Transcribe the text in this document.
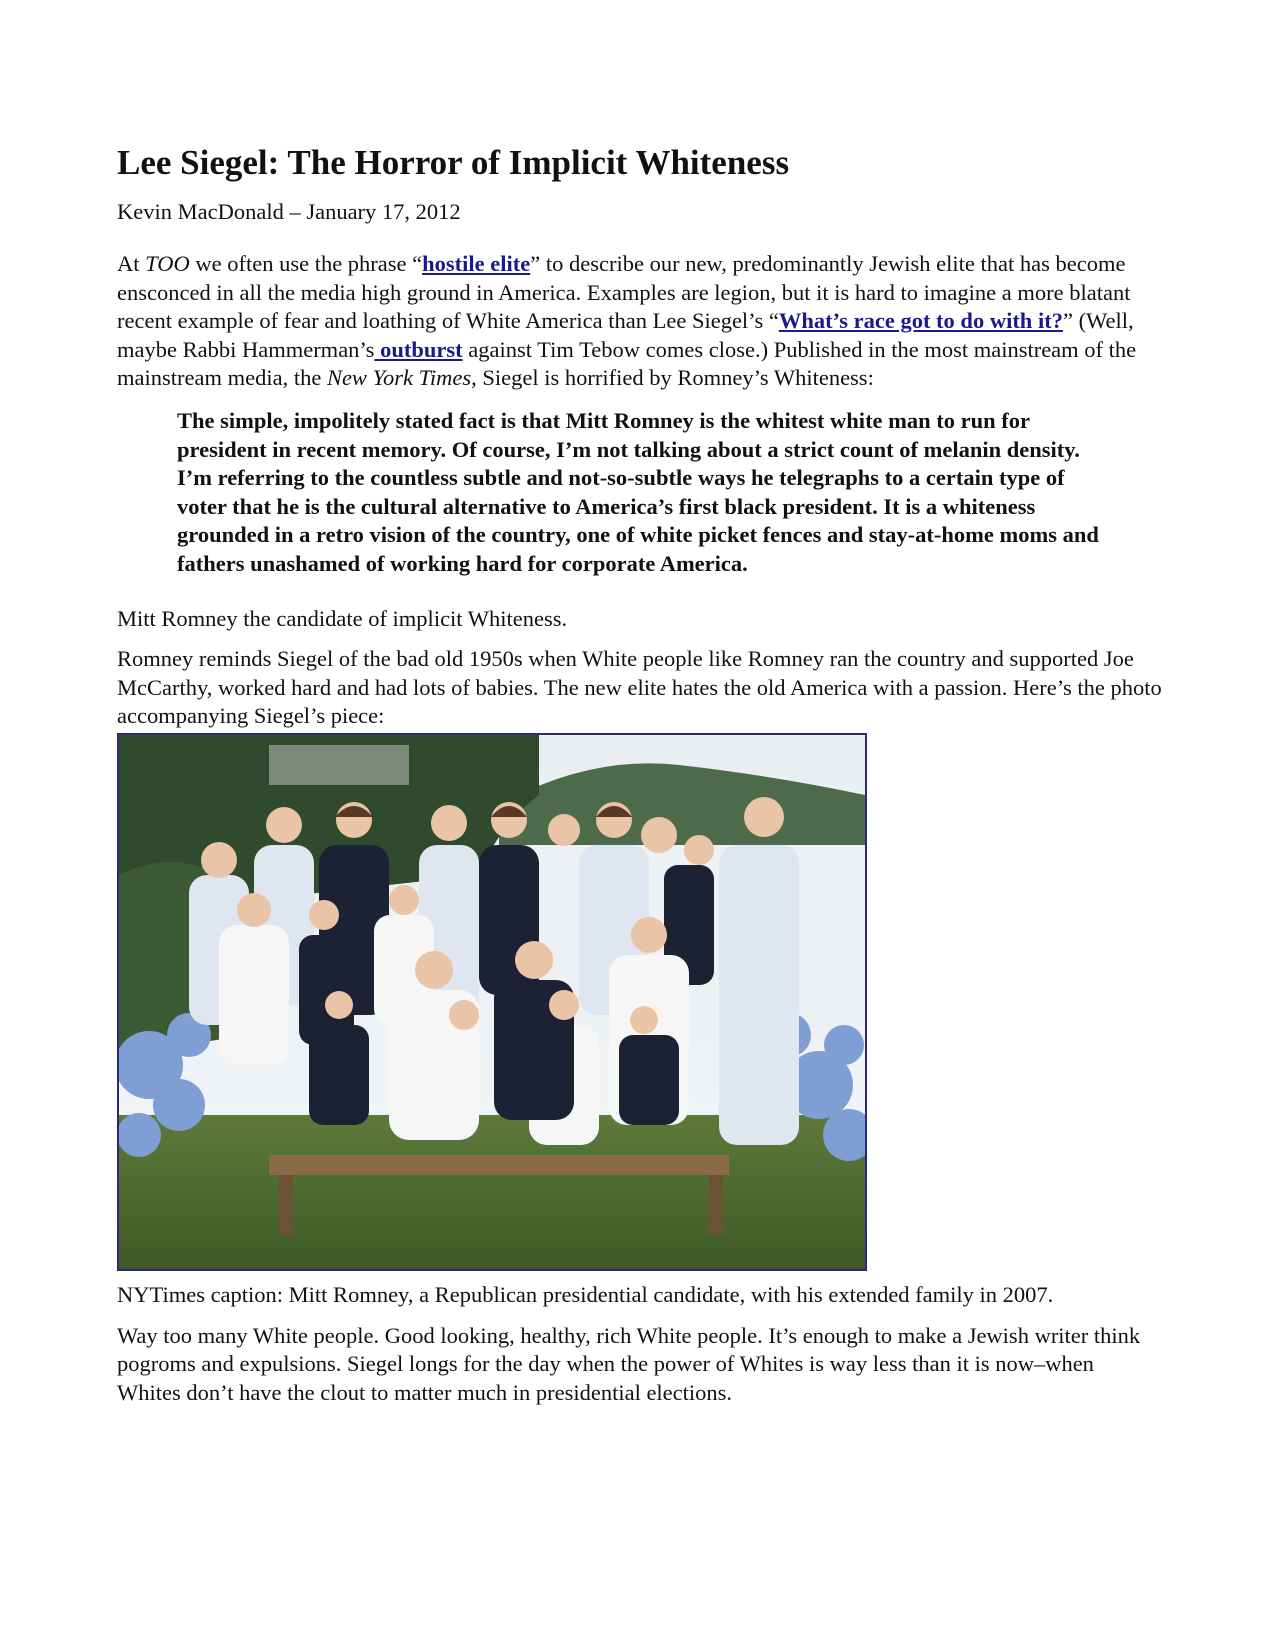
Lee Siegel: The Horror of Implicit Whiteness
Kevin MacDonald – January 17, 2012

At TOO we often use the phrase “hostile elite” to describe our new, predominantly Jewish elite that has become ensconced in all the media high ground in America. Examples are legion, but it is hard to imagine a more blatant recent example of fear and loathing of White America than Lee Siegel’s “What’s race got to do with it?” (Well, maybe Rabbi Hammerman’s outburst against Tim Tebow comes close.) Published in the most mainstream of the mainstream media, the New York Times, Siegel is horrified by Romney’s Whiteness:

The simple, impolitely stated fact is that Mitt Romney is the whitest white man to run for president in recent memory. Of course, I’m not talking about a strict count of melanin density. I’m referring to the countless subtle and not-so-subtle ways he telegraphs to a certain type of voter that he is the cultural alternative to America’s first black president. It is a whiteness grounded in a retro vision of the country, one of white picket fences and stay-at-home moms and fathers unashamed of working hard for corporate America.

Mitt Romney the candidate of implicit Whiteness.

Romney reminds Siegel of the bad old 1950s when White people like Romney ran the country and supported Joe McCarthy, worked hard and had lots of babies. The new elite hates the old America with a passion. Here’s the photo accompanying Siegel’s piece:

NYTimes caption: Mitt Romney, a Republican presidential candidate, with his extended family in 2007.

Way too many White people. Good looking, healthy, rich White people. It’s enough to make a Jewish writer think pogroms and expulsions. Siegel longs for the day when the power of Whites is way less than it is now–when Whites don’t have the clout to matter much in presidential elections.
